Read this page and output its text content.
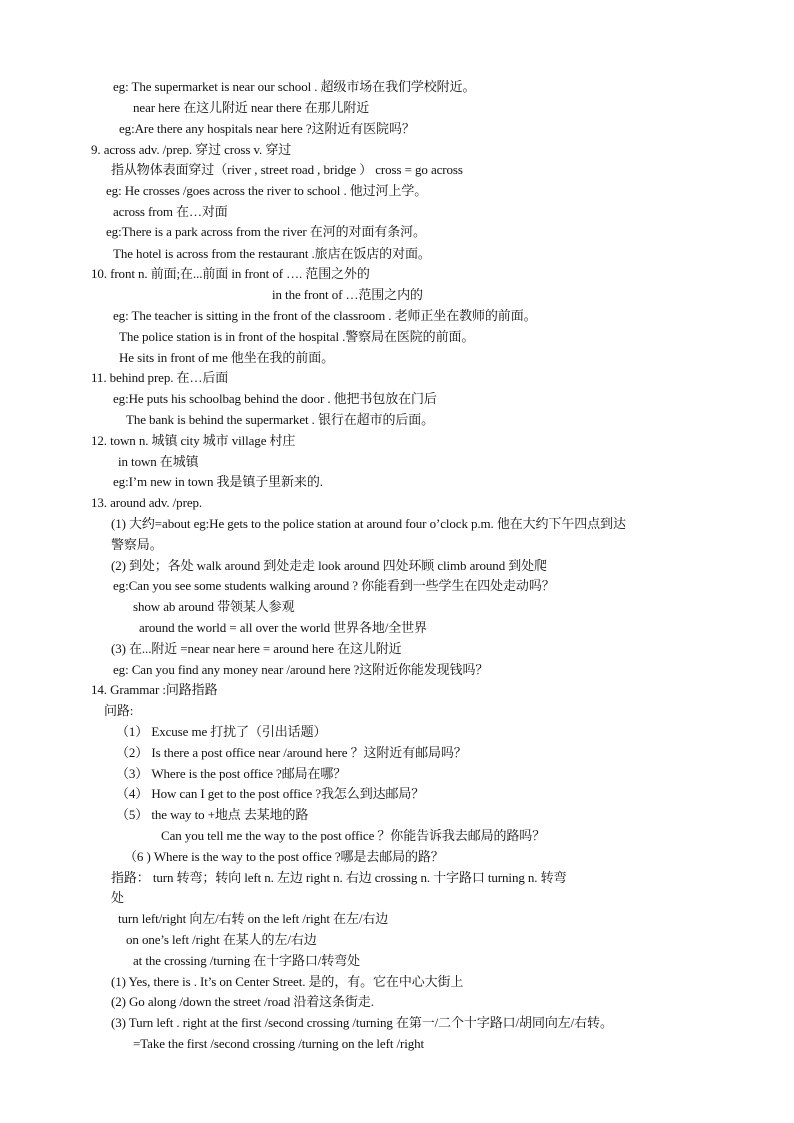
eg: The supermarket is near our school . 超级市场在我们学校附近。
near here 在这儿附近 near there 在那儿附近
eg:Are there any hospitals near here ?这附近有医院吗？
9. across adv. /prep. 穿过 cross v. 穿过
指从物体表面穿过（river , street road , bridge ） cross = go across
eg: He crosses /goes across the river to school . 他过河上学。
across from 在…对面
eg:There is a park across from the river 在河的对面有条河。
The hotel is across from the restaurant .旅店在饭店的对面。
10. front n. 前面;在...前面 in front of …. 范围之外的
in the front of …范围之内的
eg: The teacher is sitting in the front of the classroom . 老师正坐在教师的前面。
The police station is in front of the hospital .警察局在医院的前面。
He sits in front of me 他坐在我的前面。
11. behind prep. 在…后面
eg:He puts his schoolbag behind the door . 他把书包放在门后
The bank is behind the supermarket . 银行在超市的后面。
12. town n. 城镇 city 城市 village 村庄
in town 在城镇
eg:I’m new in town 我是镇子里新来的.
13. around adv. /prep.
(1) 大约=about eg:He gets to the police station at around four o’clock p.m. 他在大约下午四点到达
警察局。
(2) 到处；各处 walk around 到处走走 look around 四处环顾 climb around 到处爬
eg:Can you see some students walking around ? 你能看到一些学生在四处走动吗？
show ab around 带领某人参观
around the world = all over the world 世界各地/全世界
(3) 在...附近 =near near here = around here 在这儿附近
eg: Can you find any money near /around here ?这附近你能发现钱吗？
14. Grammar :问路指路
问路:
（1） Excuse me 打扰了（引出话题）
（2） Is there a post office near /around here ？这附近有邮局吗？
（3） Where is the post office ?邮局在哪？
（4） How can I get to the post office ?我怎么到达邮局？
（5） the way to +地点 去某地的路
Can you tell me the way to the post office ？你能告诉我去邮局的路吗？
（6 ) Where is the way to the post office ?哪是去邮局的路？
指路： turn 转弯；转向 left n. 左边 right n. 右边 crossing n. 十字路口 turning n. 转弯
处
turn left/right 向左/右转 on the left /right 在左/右边
on one’s left /right 在某人的左/右边
at the crossing /turning 在十字路口/转弯处
(1) Yes, there is . It’s on Center Street. 是的，有。它在中心大街上
(2) Go along /down the street /road 沿着这条街走.
(3) Turn left . right at the first /second crossing /turning 在第一/二个十字路口/胡同向左/右转。
=Take the first /second crossing /turning on the left /right
